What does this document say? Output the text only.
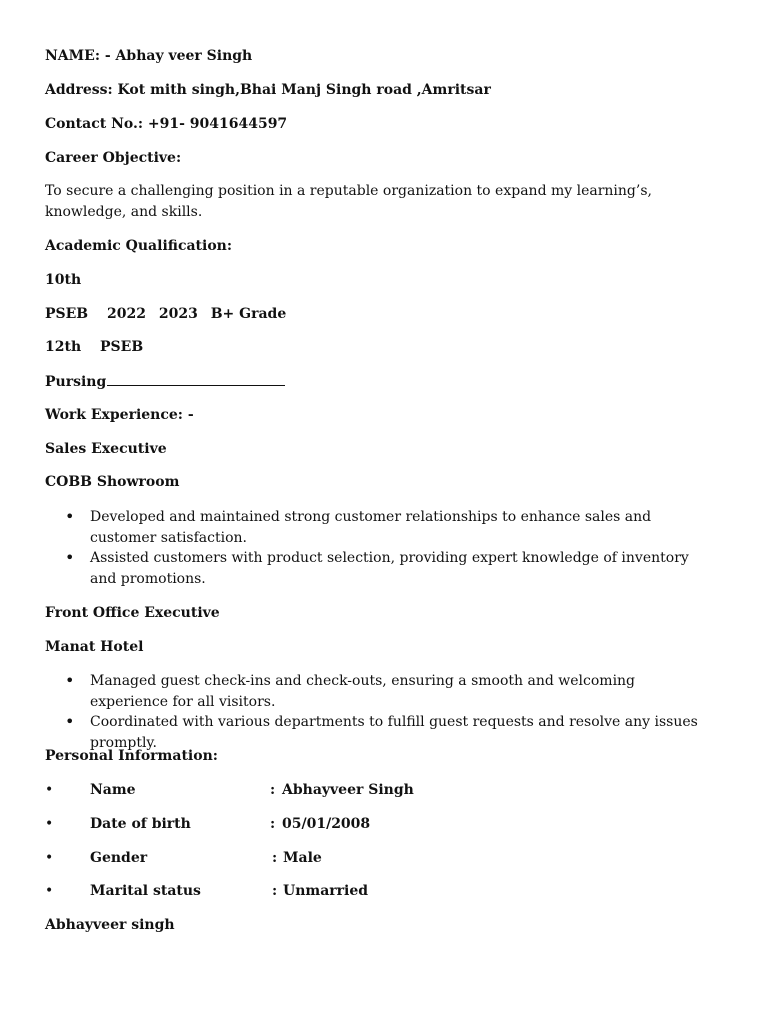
NAME: - Abhay veer Singh
Address: Kot mith singh,Bhai Manj Singh road ,Amritsar
Contact No.: +91- 9041644597
Career Objective:
To secure a challenging position in a reputable organization to expand my learning’s, knowledge, and skills.
Academic Qualification:
10th
PSEB 2022 2023 B+ Grade
12th PSEB
Pursing
Work Experience: -
Sales Executive
COBB Showroom
• Developed and maintained strong customer relationships to enhance sales and customer satisfaction.
• Assisted customers with product selection, providing expert knowledge of inventory and promotions.
Front Office Executive
Manat Hotel
• Managed guest check-ins and check-outs, ensuring a smooth and welcoming experience for all visitors.
• Coordinated with various departments to fulfill guest requests and resolve any issues promptly.
Personal Information:
•	Name	: Abhayveer Singh
•	Date of birth	: 05/01/2008
•	Gender	: Male
•	Marital status	: Unmarried
Abhayveer singh
